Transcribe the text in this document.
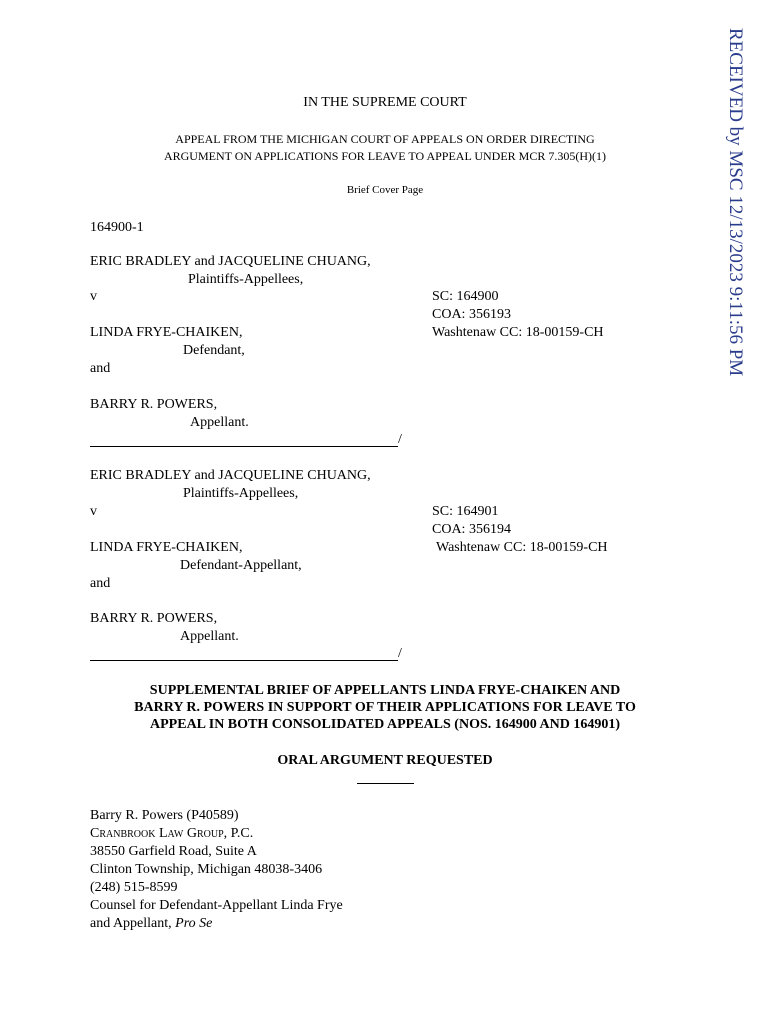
RECEIVED by MSC 12/13/2023 9:11:56 PM
IN THE SUPREME COURT
APPEAL FROM THE MICHIGAN COURT OF APPEALS ON ORDER DIRECTING
ARGUMENT ON APPLICATIONS FOR LEAVE TO APPEAL UNDER MCR 7.305(H)(1)
Brief Cover Page
164900-1
ERIC BRADLEY and JACQUELINE CHUANG,
Plaintiffs-Appellees,
v
LINDA FRYE-CHAIKEN,
Defendant,
and
BARRY R. POWERS,
Appellant.
/
SC: 164900
COA: 356193
Washtenaw CC: 18-00159-CH
ERIC BRADLEY and JACQUELINE CHUANG,
Plaintiffs-Appellees,
v
LINDA FRYE-CHAIKEN,
Defendant-Appellant,
and
BARRY R. POWERS,
Appellant.
/
SC: 164901
COA: 356194
Washtenaw CC: 18-00159-CH
SUPPLEMENTAL BRIEF OF APPELLANTS LINDA FRYE-CHAIKEN AND
BARRY R. POWERS IN SUPPORT OF THEIR APPLICATIONS FOR LEAVE TO
APPEAL IN BOTH CONSOLIDATED APPEALS (NOS. 164900 AND 164901)
ORAL ARGUMENT REQUESTED
Barry R. Powers (P40589)
Cranbrook Law Group, P.C.
38550 Garfield Road, Suite A
Clinton Township, Michigan 48038-3406
(248) 515-8599
Counsel for Defendant-Appellant Linda Frye
and Appellant, Pro Se
